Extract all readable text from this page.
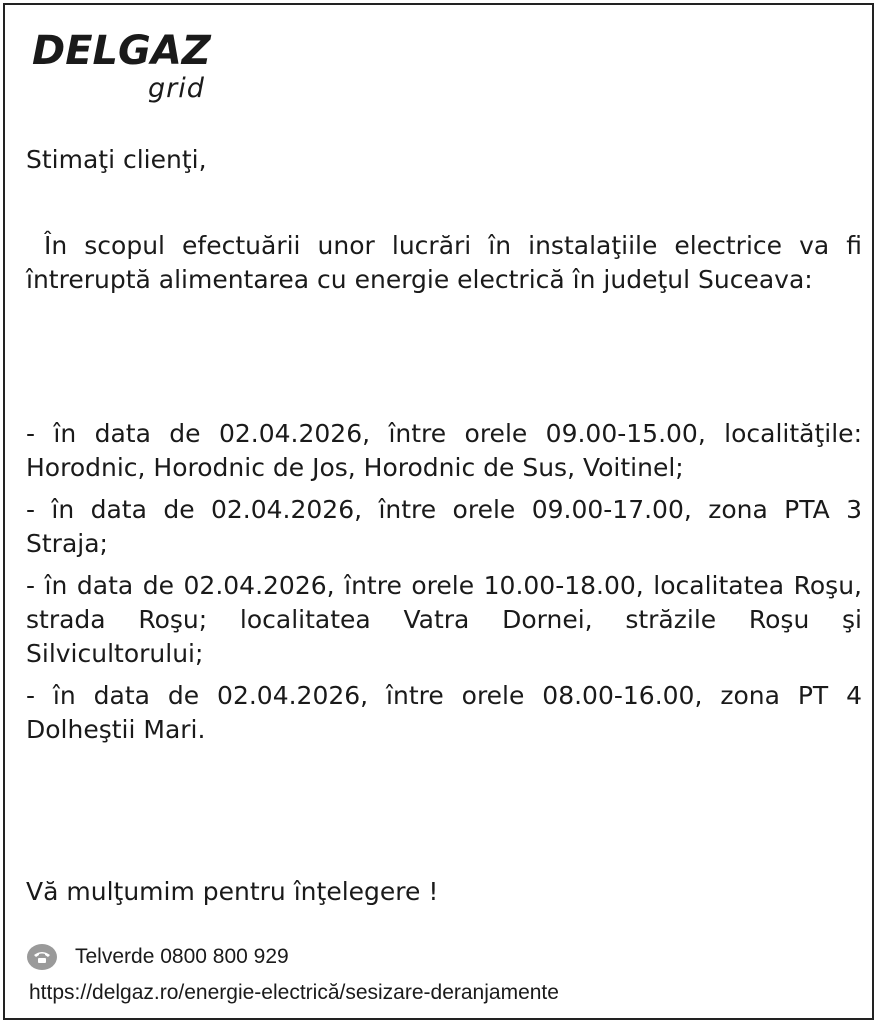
DELGAZ
grid
Stimaţi clienţi,
În scopul efectuării unor lucrări în instalaţiile electrice va fi întreruptă alimentarea cu energie electrică în judeţul Suceava:

- în data de 02.04.2026, între orele 09.00-15.00, localităţile: Horodnic, Horodnic de Jos, Horodnic de Sus, Voitinel;

- în data de 02.04.2026, între orele 09.00-17.00, zona PTA 3 Straja;

- în data de 02.04.2026, între orele 10.00-18.00, localitatea Roşu, strada Roşu; localitatea Vatra Dornei, străzile Roşu şi Silvicultorului;

- în data de 02.04.2026, între orele 08.00-16.00, zona PT 4 Dolheştii Mari.

Vă mulţumim pentru înţelegere !
Telverde 0800 800 929
https://delgaz.ro/energie-electrică/sesizare-deranjamente
